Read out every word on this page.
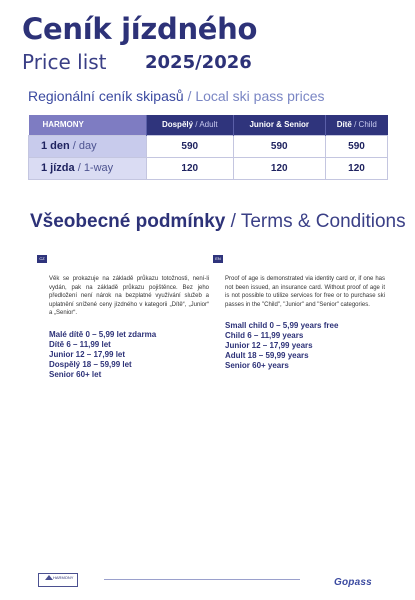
Ceník jízdného
Price list 2025/2026
Regionální ceník skipasů / Local ski pass prices
HARMONY	Dospělý / Adult	Junior & Senior	Dítě / Child
1 den / day	590	590	590
1 jízda / 1-way	120	120	120
Všeobecné podmínky / Terms & Conditions
CZ

Věk se prokazuje na základě průkazu totožnosti, není-li vydán, pak na základě průkazu pojištěnce. Bez jeho předložení není nárok na bezplatné využívání služeb a uplatnění snížené ceny jízdného v kategorii „Dítě“, „Junior“ a „Senior“.

Malé dítě 0 – 5,99 let zdarma
Dítě 6 – 11,99 let
Junior 12 – 17,99 let
Dospělý 18 – 59,99 let
Senior 60+ let
EN

Proof of age is demonstrated via identity card or, if one has not been issued, an insurance card. Without proof of age it is not possible to utilize services for free or to purchase ski passes in the "Child", "Junior" and "Senior" categories.

Small child 0 – 5,99 years free
Child 6 – 11,99 years
Junior 12 – 17,99 years
Adult 18 – 59,99 years
Senior 60+ years
HARMONY	Gopass
